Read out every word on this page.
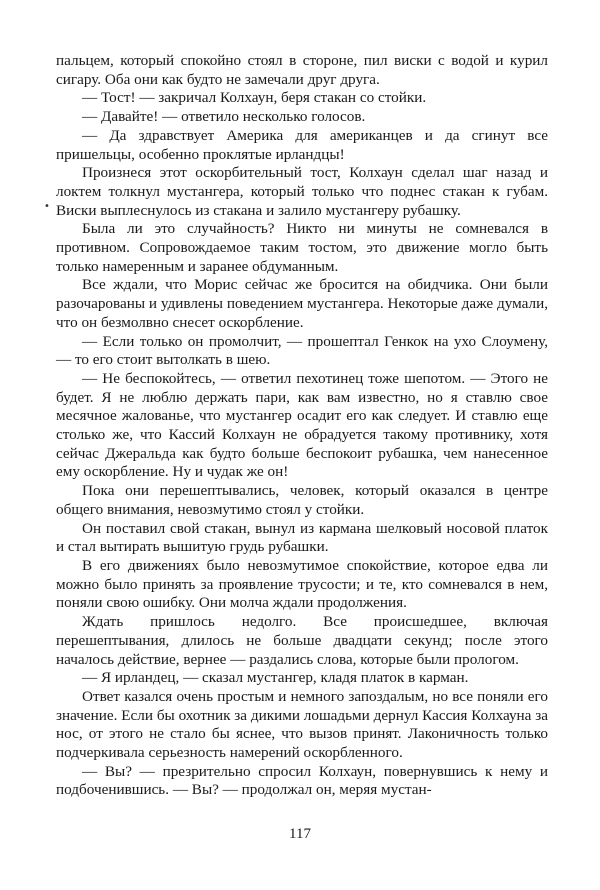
•

пальцем, который спокойно стоял в стороне, пил виски с водой и курил сигару. Оба они как будто не замечали друг друга.

— Тост! — закричал Колхаун, беря стакан со стойки.

— Давайте! — ответило несколько голосов.

— Да здравствует Америка для американцев и да сгинут все пришельцы, особенно проклятые ирландцы!

Произнеся этот оскорбительный тост, Колхаун сделал шаг назад и локтем толкнул мустангера, который только что поднес стакан к губам. Виски выплеснулось из стакана и залило мустангеру рубашку.

Была ли это случайность? Никто ни минуты не сомневался в противном. Сопровождаемое таким тостом, это движение могло быть только намеренным и заранее обдуманным.

Все ждали, что Морис сейчас же бросится на обидчика. Они были разочарованы и удивлены поведением мустангера. Некоторые даже думали, что он безмолвно снесет оскорбление.

— Если только он промолчит, — прошептал Генкок на ухо Слоумену, — то его стоит вытолкать в шею.

— Не беспокойтесь, — ответил пехотинец тоже шепотом. — Этого не будет. Я не люблю держать пари, как вам известно, но я ставлю свое месячное жалованье, что мустангер осадит его как следует. И ставлю еще столько же, что Кассий Колхаун не обрадуется такому противнику, хотя сейчас Джеральда как будто больше беспокоит рубашка, чем нанесенное ему оскорбление. Ну и чудак же он!

Пока они перешептывались, человек, который оказался в центре общего внимания, невозмутимо стоял у стойки.

Он поставил свой стакан, вынул из кармана шелковый носовой платок и стал вытирать вышитую грудь рубашки.

В его движениях было невозмутимое спокойствие, которое едва ли можно было принять за проявление трусости; и те, кто сомневался в нем, поняли свою ошибку. Они молча ждали продолжения.

Ждать пришлось недолго. Все происшедшее, включая перешептывания, длилось не больше двадцати секунд; после этого началось действие, вернее — раздались слова, которые были прологом.

— Я ирландец, — сказал мустангер, кладя платок в карман.

Ответ казался очень простым и немного запоздалым, но все поняли его значение. Если бы охотник за дикими лошадьми дернул Кассия Колхауна за нос, от этого не стало бы яснее, что вызов принят. Лаконичность только подчеркивала серьезность намерений оскорбленного.

— Вы? — презрительно спросил Колхаун, повернувшись к нему и подбоченившись. — Вы? — продолжал он, меряя мустан-

117
